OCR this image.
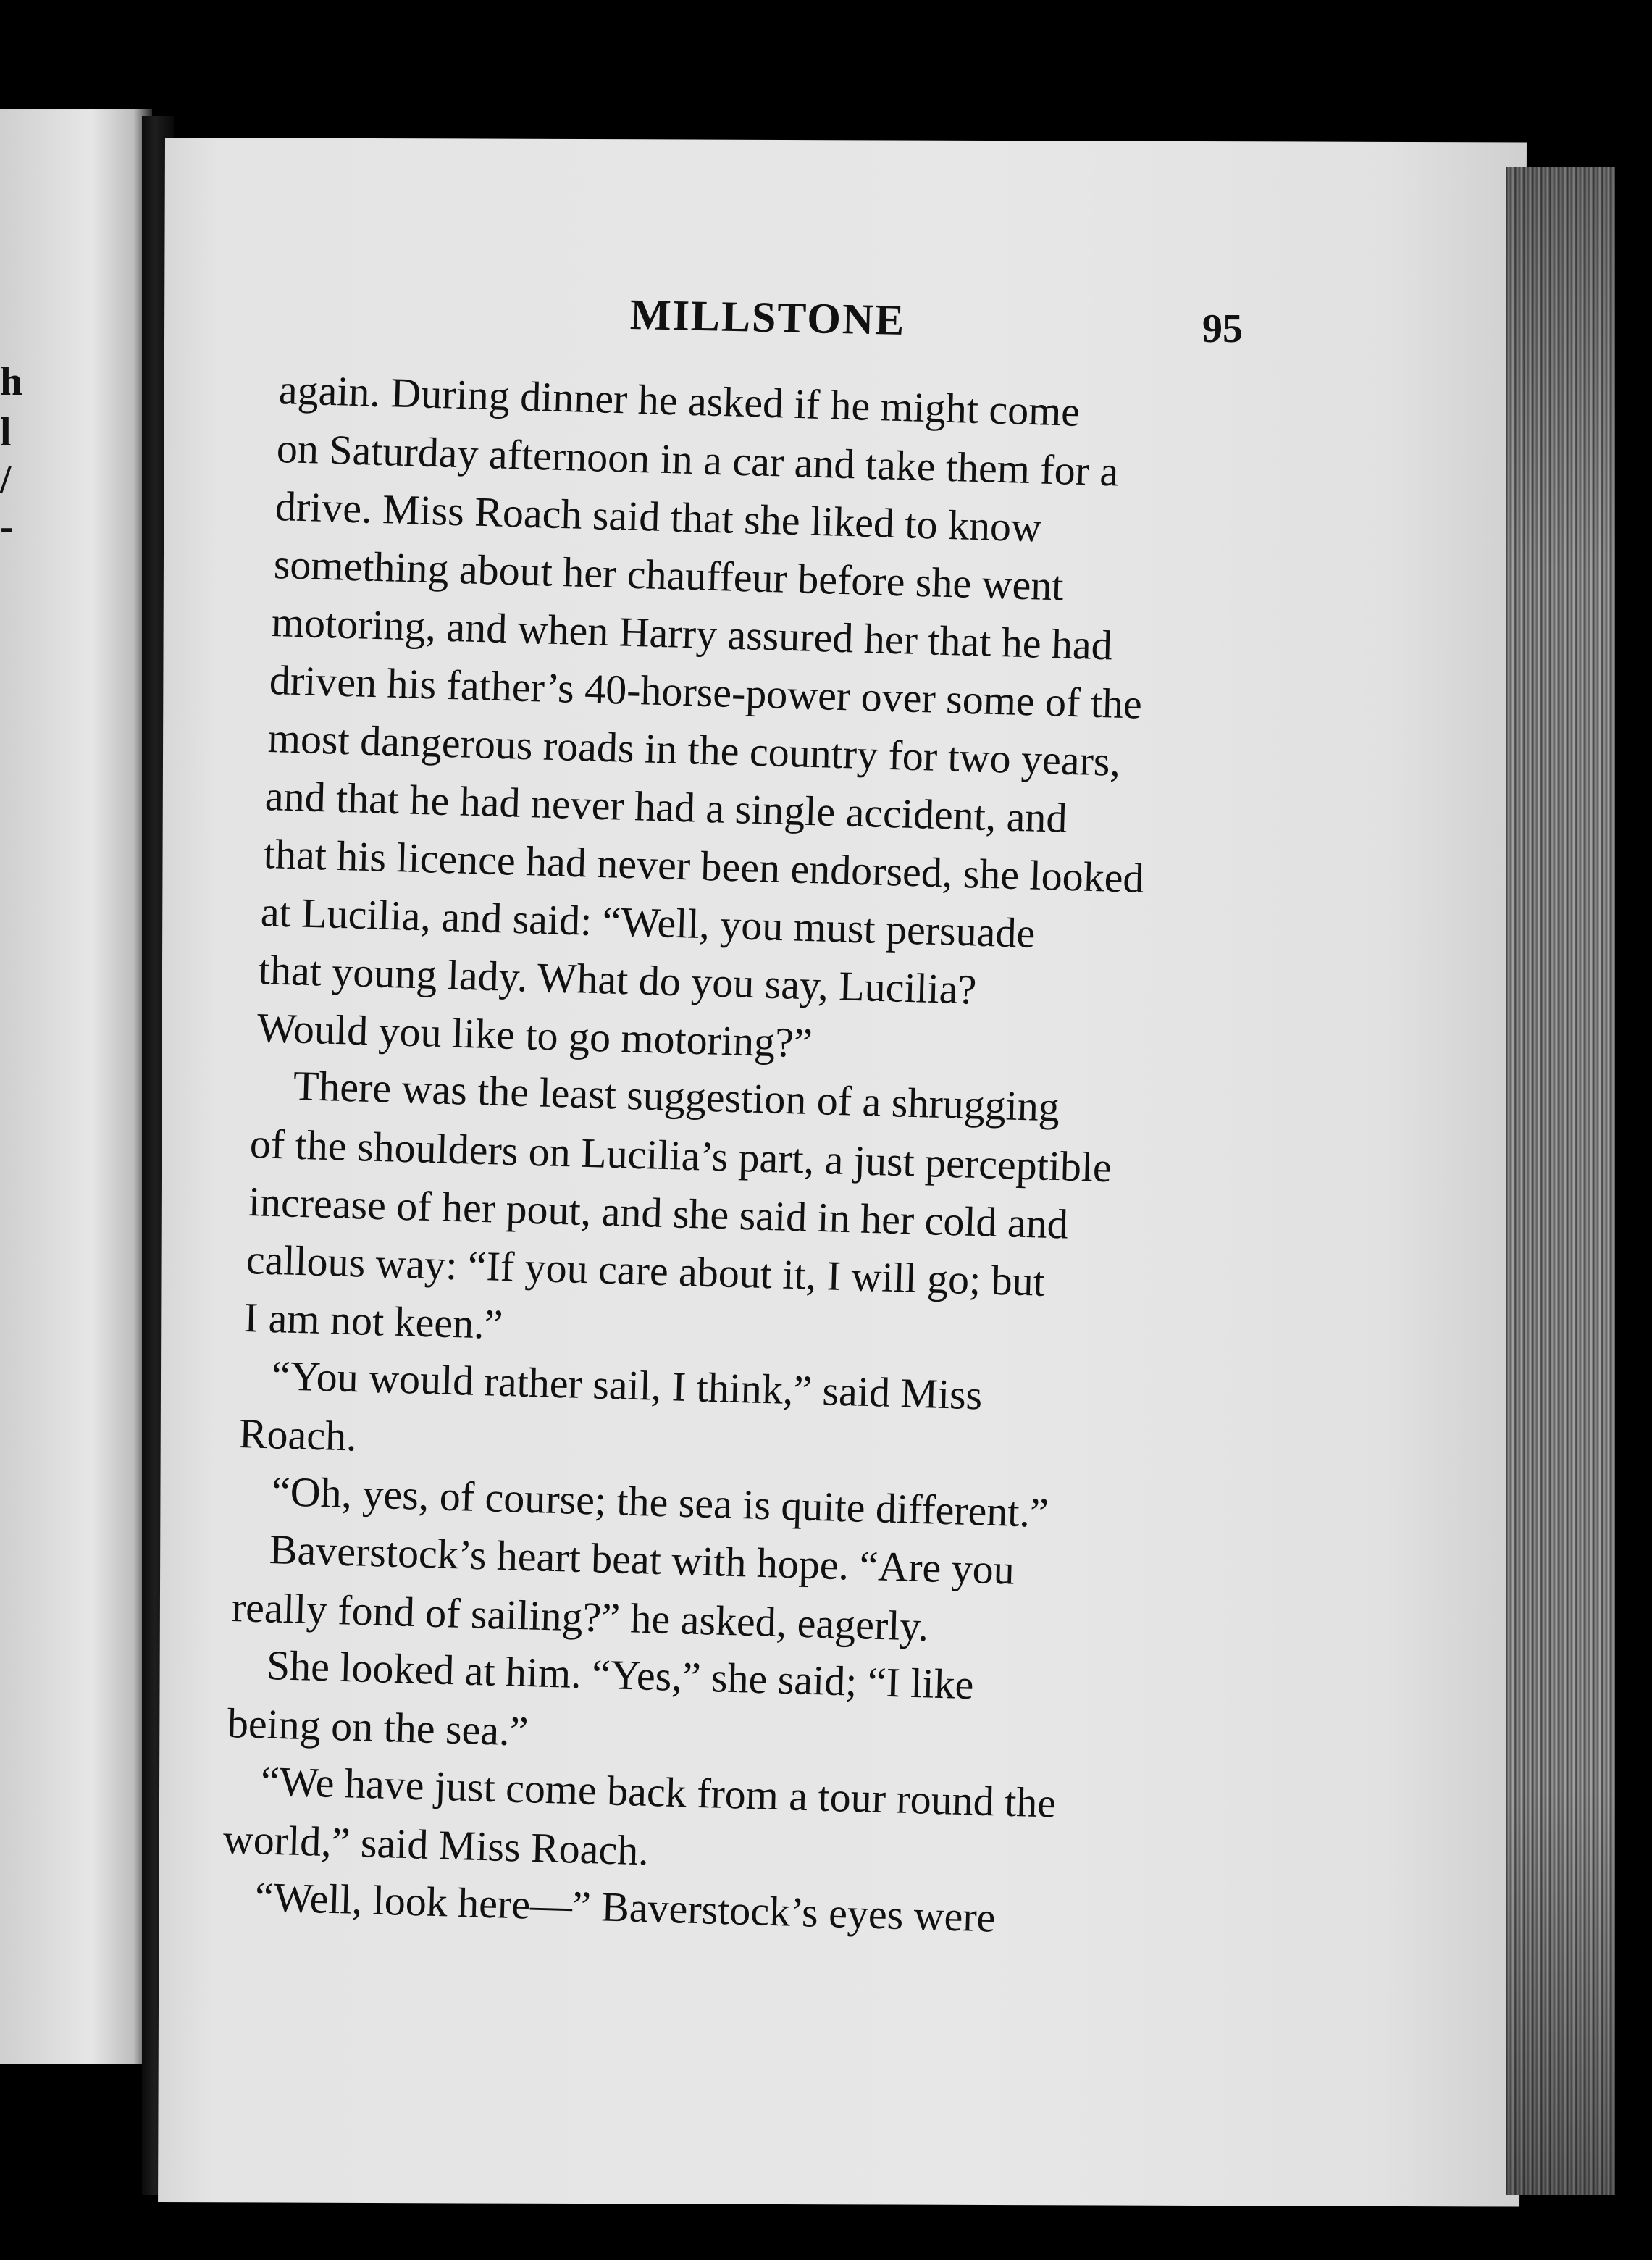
h
l
/
-
MILLSTONE	95
again. During dinner he asked if he might come
on Saturday afternoon in a car and take them for a
drive. Miss Roach said that she liked to know
something about her chauffeur before she went
motoring, and when Harry assured her that he had
driven his father’s 40-horse-power over some of the
most dangerous roads in the country for two years,
and that he had never had a single accident, and
that his licence had never been endorsed, she looked
at Lucilia, and said: “Well, you must persuade
that young lady. What do you say, Lucilia?
Would you like to go motoring?”
There was the least suggestion of a shrugging
of the shoulders on Lucilia’s part, a just perceptible
increase of her pout, and she said in her cold and
callous way: “If you care about it, I will go; but
I am not keen.”
“You would rather sail, I think,” said Miss
Roach.
“Oh, yes, of course; the sea is quite different.”
Baverstock’s heart beat with hope. “Are you
really fond of sailing?” he asked, eagerly.
She looked at him. “Yes,” she said; “I like
being on the sea.”
“We have just come back from a tour round the
world,” said Miss Roach.
“Well, look here—” Baverstock’s eyes were
